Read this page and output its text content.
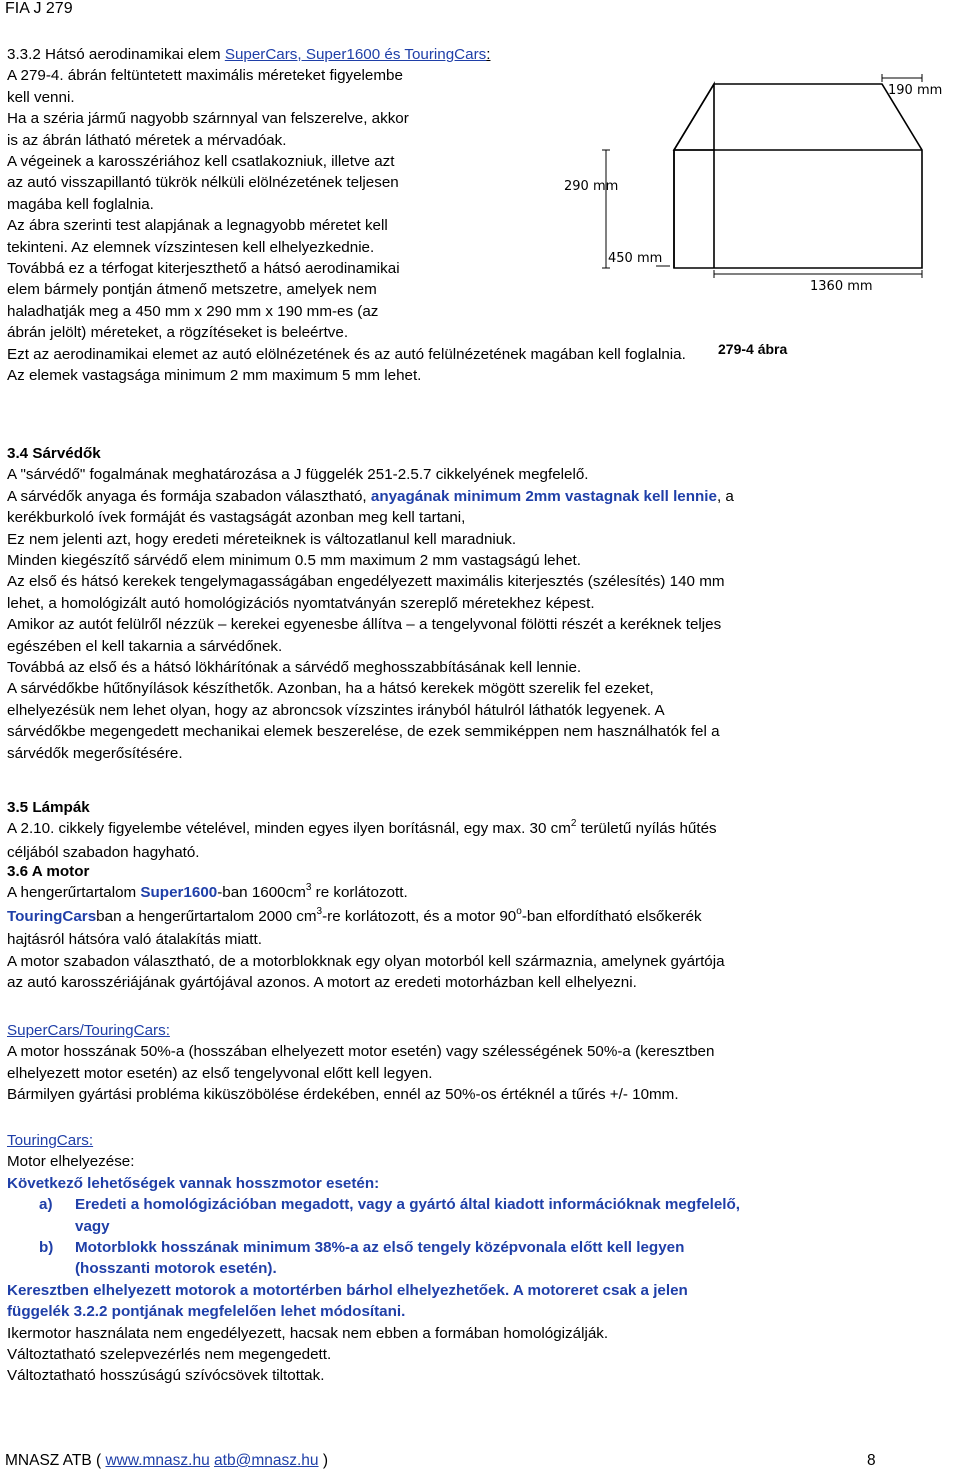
FIA J 279

3.3.2 Hátsó aerodinamikai elem SuperCars, Super1600 és TouringCars:

A 279-4. ábrán feltüntetett maximális méreteket figyelembe

kell venni.

Ha a széria jármű nagyobb szárnnyal van felszerelve, akkor

is az ábrán látható méretek a mérvadóak.

A végeinek a karosszériához kell csatlakozniuk, illetve azt

az autó visszapillantó tükrök nélküli elölnézetének teljesen

magába kell foglalnia.

Az ábra szerinti test alapjának a legnagyobb méretet kell

tekinteni. Az elemnek vízszintesen kell elhelyezkednie.

Továbbá ez a térfogat kiterjeszthető a hátsó aerodinamikai

elem bármely pontján átmenő metszetre, amelyek nem

haladhatják meg a 450 mm x 290 mm x 190 mm-es (az

ábrán jelölt) méreteket, a rögzítéseket is beleértve.

Ezt az aerodinamikai elemet az autó elölnézetének és az autó felülnézetének magában kell foglalnia.

Az elemek vastagsága minimum 2 mm maximum 5 mm lehet.

190 mm
290 mm
450 mm
1360 mm
279-4 ábra

3.4 Sárvédők

A "sárvédő" fogalmának meghatározása a J függelék 251-2.5.7 cikkelyének megfelelő.

A sárvédők anyaga és formája szabadon választható, anyagának minimum 2mm vastagnak kell lennie, a

kerékburkoló ívek formáját és vastagságát azonban meg kell tartani,

Ez nem jelenti azt, hogy eredeti méreteiknek is változatlanul kell maradniuk.

Minden kiegészítő sárvédő elem minimum 0.5 mm maximum 2 mm vastagságú lehet.

Az első és hátsó kerekek tengelymagasságában engedélyezett maximális kiterjesztés (szélesítés) 140 mm

lehet, a homológizált autó homológizációs nyomtatványán szereplő méretekhez képest.

Amikor az autót felülről nézzük – kerekei egyenesbe állítva – a tengelyvonal fölötti részét a keréknek teljes

egészében el kell takarnia a sárvédőnek.

Továbbá az első és a hátsó lökhárítónak a sárvédő meghosszabbításának kell lennie.

A sárvédőkbe hűtőnyílások készíthetők. Azonban, ha a hátsó kerekek mögött szerelik fel ezeket,

elhelyezésük nem lehet olyan, hogy az abroncsok vízszintes irányból hátulról láthatók legyenek. A

sárvédőkbe megengedett mechanikai elemek beszerelése, de ezek semmiképpen nem használhatók fel a

sárvédők megerősítésére.

3.5 Lámpák

A 2.10. cikkely figyelembe vételével, minden egyes ilyen borításnál, egy max. 30 $cm^2$ területű nyílás hűtés

céljából szabadon hagyható.

3.6 A motor

A hengerűrtartalom Super1600-ban $1600cm^3$ re korlátozott.

TouringCarsban a hengerűrtartalom 2000 $cm^3-re$ korlátozott, és a motor 90$^o$-ban elfordítható elsőkerék

hajtásról hátsóra való átalakítás miatt.

A motor szabadon választható, de a motorblokknak egy olyan motorból kell származnia, amelynek gyártója

az autó karosszériájának gyártójával azonos. A motort az eredeti motorházban kell elhelyezni.

SuperCars/TouringCars:

A motor hosszának 50%-a (hosszában elhelyezett motor esetén) vagy szélességének 50%-a (keresztben

elhelyezett motor esetén) az első tengelyvonal előtt kell legyen.

Bármilyen gyártási probléma kiküszöbölése érdekében, ennél az 50%-os értéknél a tűrés +/- 10mm.

TouringCars:

Motor elhelyezése:

Következő lehetőségek vannak hosszmotor esetén:

a) Eredeti a homológizációban megadott, vagy a gyártó által kiadott információknak megfelelő,
vagy
b) Motorblokk hosszának minimum 38%-a az első tengely középvonala előtt kell legyen
(hosszanti motorok esetén).

Keresztben elhelyezett motorok a motortérben bárhol elhelyezhetőek. A motoreret csak a jelen

függelék 3.2.2 pontjának megfelelően lehet módosítani.

Ikermotor használata nem engedélyezett, hacsak nem ebben a formában homológizálják.

Változtatható szelepvezérlés nem megengedett.

Változtatható hosszúságú szívócsövek tiltottak.

MNASZ ATB ( www.mnasz.hu atb@mnasz.hu )	8
